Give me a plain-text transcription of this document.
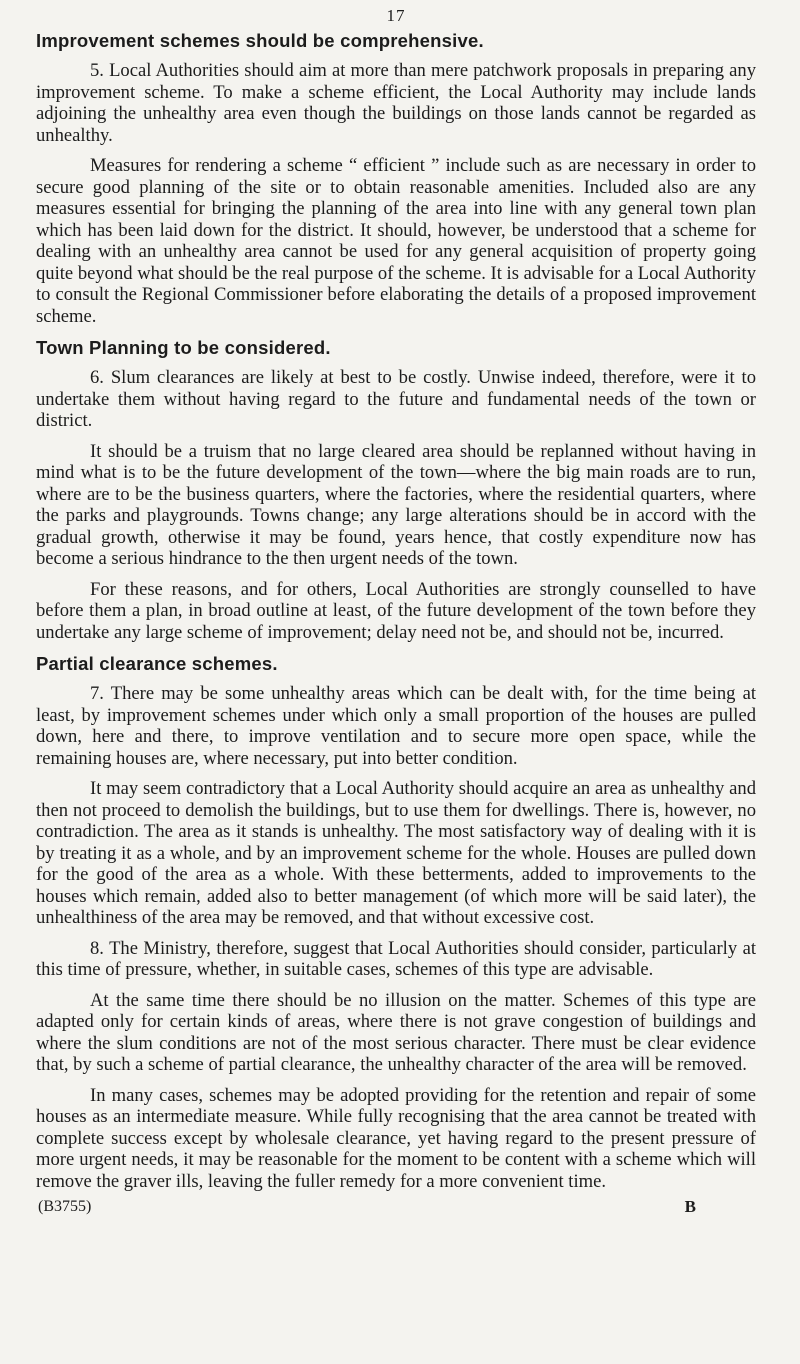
17
Improvement schemes should be comprehensive.

5. Local Authorities should aim at more than mere patchwork proposals in preparing any improvement scheme. To make a scheme efficient, the Local Authority may include lands adjoining the unhealthy area even though the buildings on those lands cannot be regarded as unhealthy.

Measures for rendering a scheme “ efficient ” include such as are necessary in order to secure good planning of the site or to obtain reasonable amenities. Included also are any measures essential for bringing the planning of the area into line with any general town plan which has been laid down for the district. It should, however, be understood that a scheme for dealing with an unhealthy area cannot be used for any general acquisition of property going quite beyond what should be the real purpose of the scheme. It is advisable for a Local Authority to consult the Regional Commissioner before elaborating the details of a proposed improvement scheme.

Town Planning to be considered.

6. Slum clearances are likely at best to be costly. Unwise indeed, therefore, were it to undertake them without having regard to the future and fundamental needs of the town or district.

It should be a truism that no large cleared area should be replanned without having in mind what is to be the future development of the town—where the big main roads are to run, where are to be the business quarters, where the factories, where the residential quarters, where the parks and playgrounds. Towns change; any large alterations should be in accord with the gradual growth, otherwise it may be found, years hence, that costly expenditure now has become a serious hindrance to the then urgent needs of the town.

For these reasons, and for others, Local Authorities are strongly counselled to have before them a plan, in broad outline at least, of the future development of the town before they undertake any large scheme of improvement; delay need not be, and should not be, incurred.

Partial clearance schemes.

7. There may be some unhealthy areas which can be dealt with, for the time being at least, by improvement schemes under which only a small proportion of the houses are pulled down, here and there, to improve ventilation and to secure more open space, while the remaining houses are, where necessary, put into better condition.

It may seem contradictory that a Local Authority should acquire an area as unhealthy and then not proceed to demolish the buildings, but to use them for dwellings. There is, however, no contradiction. The area as it stands is unhealthy. The most satisfactory way of dealing with it is by treating it as a whole, and by an improvement scheme for the whole. Houses are pulled down for the good of the area as a whole. With these betterments, added to improvements to the houses which remain, added also to better management (of which more will be said later), the unhealthiness of the area may be removed, and that without excessive cost.

8. The Ministry, therefore, suggest that Local Authorities should consider, particularly at this time of pressure, whether, in suitable cases, schemes of this type are advisable.

At the same time there should be no illusion on the matter. Schemes of this type are adapted only for certain kinds of areas, where there is not grave congestion of buildings and where the slum conditions are not of the most serious character. There must be clear evidence that, by such a scheme of partial clearance, the unhealthy character of the area will be removed.

In many cases, schemes may be adopted providing for the retention and repair of some houses as an intermediate measure. While fully recognising that the area cannot be treated with complete success except by wholesale clearance, yet having regard to the present pressure of more urgent needs, it may be reasonable for the moment to be content with a scheme which will remove the graver ills, leaving the fuller remedy for a more convenient time.

(B3755)	B
